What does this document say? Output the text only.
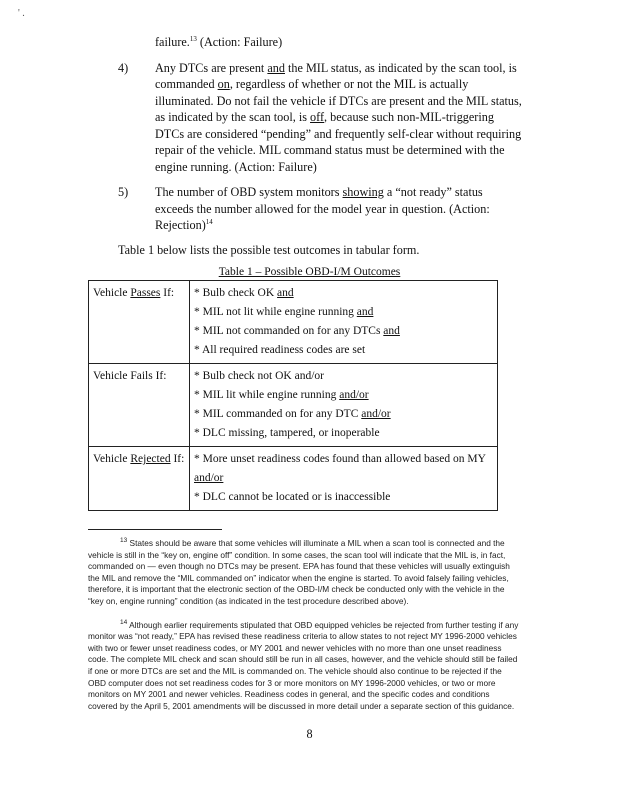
' .
failure.$^{13}$ (Action: Failure)
4)	Any DTCs are present and the MIL status, as indicated by the scan tool, is commanded on, regardless of whether or not the MIL is actually illuminated. Do not fail the vehicle if DTCs are present and the MIL status, as indicated by the scan tool, is off, because such non-MIL-triggering DTCs are considered “pending” and frequently self-clear without requiring repair of the vehicle. MIL command status must be determined with the engine running. (Action: Failure)
5)	The number of OBD system monitors showing a “not ready” status exceeds the number allowed for the model year in question. (Action: Rejection)$^{14}$
Table 1 below lists the possible test outcomes in tabular form.
Table 1 – Possible OBD-I/M Outcomes
Vehicle Passes If:	* Bulb check OK and
* MIL not lit while engine running and
* MIL not commanded on for any DTCs and
* All required readiness codes are set

Vehicle Fails If:	* Bulb check not OK and/or
* MIL lit while engine running and/or
* MIL commanded on for any DTC and/or
* DLC missing, tampered, or inoperable

Vehicle Rejected If:	* More unset readiness codes found than allowed based on MY and/or
* DLC cannot be located or is inaccessible
$^{13}$ States should be aware that some vehicles will illuminate a MIL when a scan tool is connected and the vehicle is still in the “key on, engine off” condition. In some cases, the scan tool will indicate that the MIL is, in fact, commanded on — even though no DTCs may be present. EPA has found that these vehicles will usually extinguish the MIL and remove the “MIL commanded on” indicator when the engine is started. To avoid falsely failing vehicles, therefore, it is important that the electronic section of the OBD-I/M check be conducted only with the vehicle in the “key on, engine running” condition (as indicated in the test procedure described above).
$^{14}$ Although earlier requirements stipulated that OBD equipped vehicles be rejected from further testing if any monitor was “not ready,” EPA has revised these readiness criteria to allow states to not reject MY 1996-2000 vehicles with two or fewer unset readiness codes, or MY 2001 and newer vehicles with no more than one unset readiness code. The complete MIL check and scan should still be run in all cases, however, and the vehicle should still be failed if one or more DTCs are set and the MIL is commanded on. The vehicle should also continue to be rejected if the OBD computer does not set readiness codes for 3 or more monitors on MY 1996-2000 vehicles, or two or more monitors on MY 2001 and newer vehicles. Readiness codes in general, and the specific codes and conditions covered by the April 5, 2001 amendments will be discussed in more detail under a separate section of this guidance.
8
